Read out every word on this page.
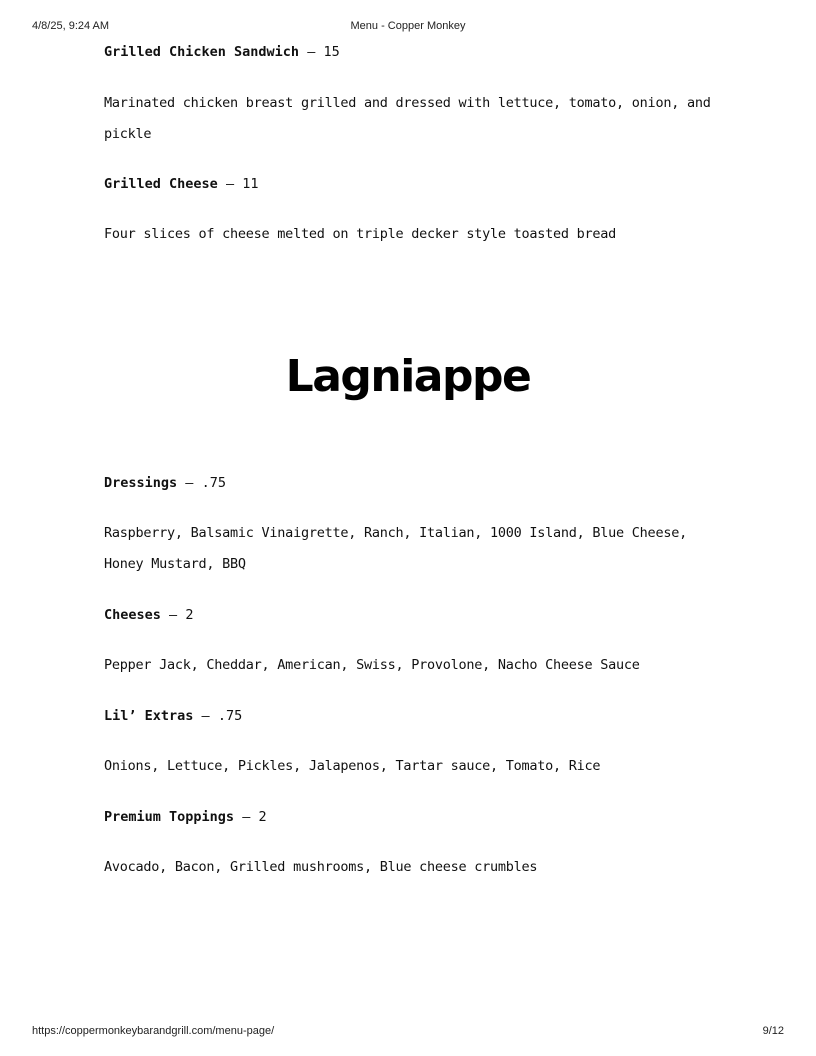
4/8/25, 9:24 AM	Menu - Copper Monkey
Grilled Chicken Sandwich – 15
Marinated chicken breast grilled and dressed with lettuce, tomato, onion, and pickle
Grilled Cheese – 11
Four slices of cheese melted on triple decker style toasted bread
Lagniappe
Dressings – .75
Raspberry, Balsamic Vinaigrette, Ranch, Italian, 1000 Island, Blue Cheese, Honey Mustard, BBQ
Cheeses – 2
Pepper Jack, Cheddar, American, Swiss, Provolone, Nacho Cheese Sauce
Lil’ Extras – .75
Onions, Lettuce, Pickles, Jalapenos, Tartar sauce, Tomato, Rice
Premium Toppings – 2
Avocado, Bacon, Grilled mushrooms, Blue cheese crumbles
https://coppermonkeybarandgrill.com/menu-page/	9/12
